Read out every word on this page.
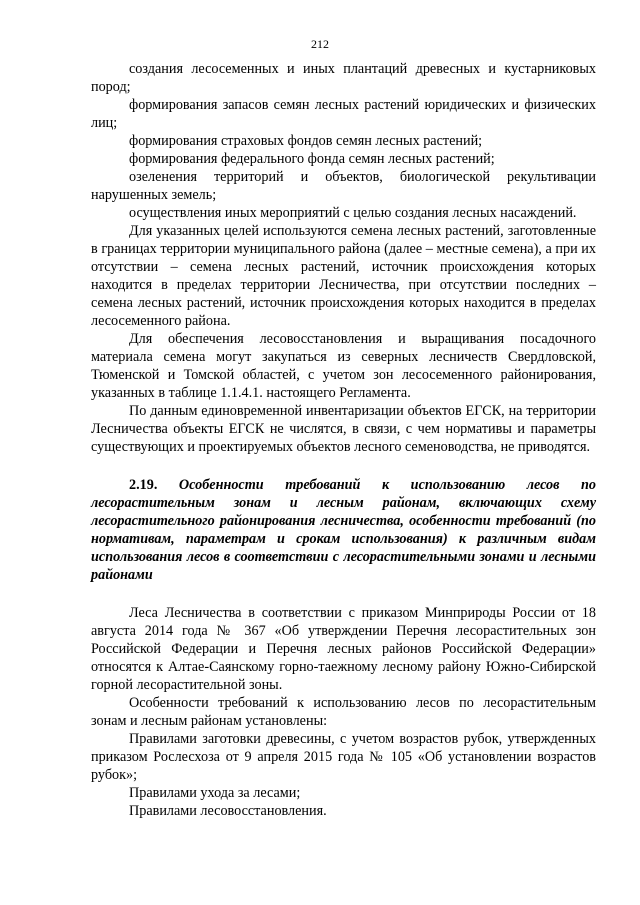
212

создания лесосеменных и иных плантаций древесных и кустарниковых пород;

формирования запасов семян лесных растений юридических и физических лиц;

формирования страховых фондов семян лесных растений;

формирования федерального фонда семян лесных растений;

озеленения территорий и объектов, биологической рекультивации нарушенных земель;

осуществления иных мероприятий с целью создания лесных насаждений.

Для указанных целей используются семена лесных растений, заготовленные в границах территории муниципального района (далее – местные семена), а при их отсутствии – семена лесных растений, источник происхождения которых находится в пределах территории Лесничества, при отсутствии последних – семена лесных растений, источник происхождения которых находится в пределах лесосеменного района.

Для обеспечения лесовосстановления и выращивания посадочного материала семена могут закупаться из северных лесничеств Свердловской, Тюменской и Томской областей, с учетом зон лесосеменного районирования, указанных в таблице 1.1.4.1. настоящего Регламента.

По данным единовременной инвентаризации объектов ЕГСК, на территории Лесничества объекты ЕГСК не числятся, в связи, с чем нормативы и параметры существующих и проектируемых объектов лесного семеноводства, не приводятся.

2.19. Особенности требований к использованию лесов по лесорастительным зонам и лесным районам, включающих схему лесорастительного районирования лесничества, особенности требований (по нормативам, параметрам и срокам использования) к различным видам использования лесов в соответствии с лесорастительными зонами и лесными районами

Леса Лесничества в соответствии с приказом Минприроды России от 18 августа 2014 года № 367 «Об утверждении Перечня лесорастительных зон Российской Федерации и Перечня лесных районов Российской Федерации» относятся к Алтае-Саянскому горно-таежному лесному району Южно-Сибирской горной лесорастительной зоны.

Особенности требований к использованию лесов по лесорастительным зонам и лесным районам установлены:

Правилами заготовки древесины, с учетом возрастов рубок, утвержденных приказом Рослесхоза от 9 апреля 2015 года № 105 «Об установлении возрастов рубок»;

Правилами ухода за лесами;

Правилами лесовосстановления.
